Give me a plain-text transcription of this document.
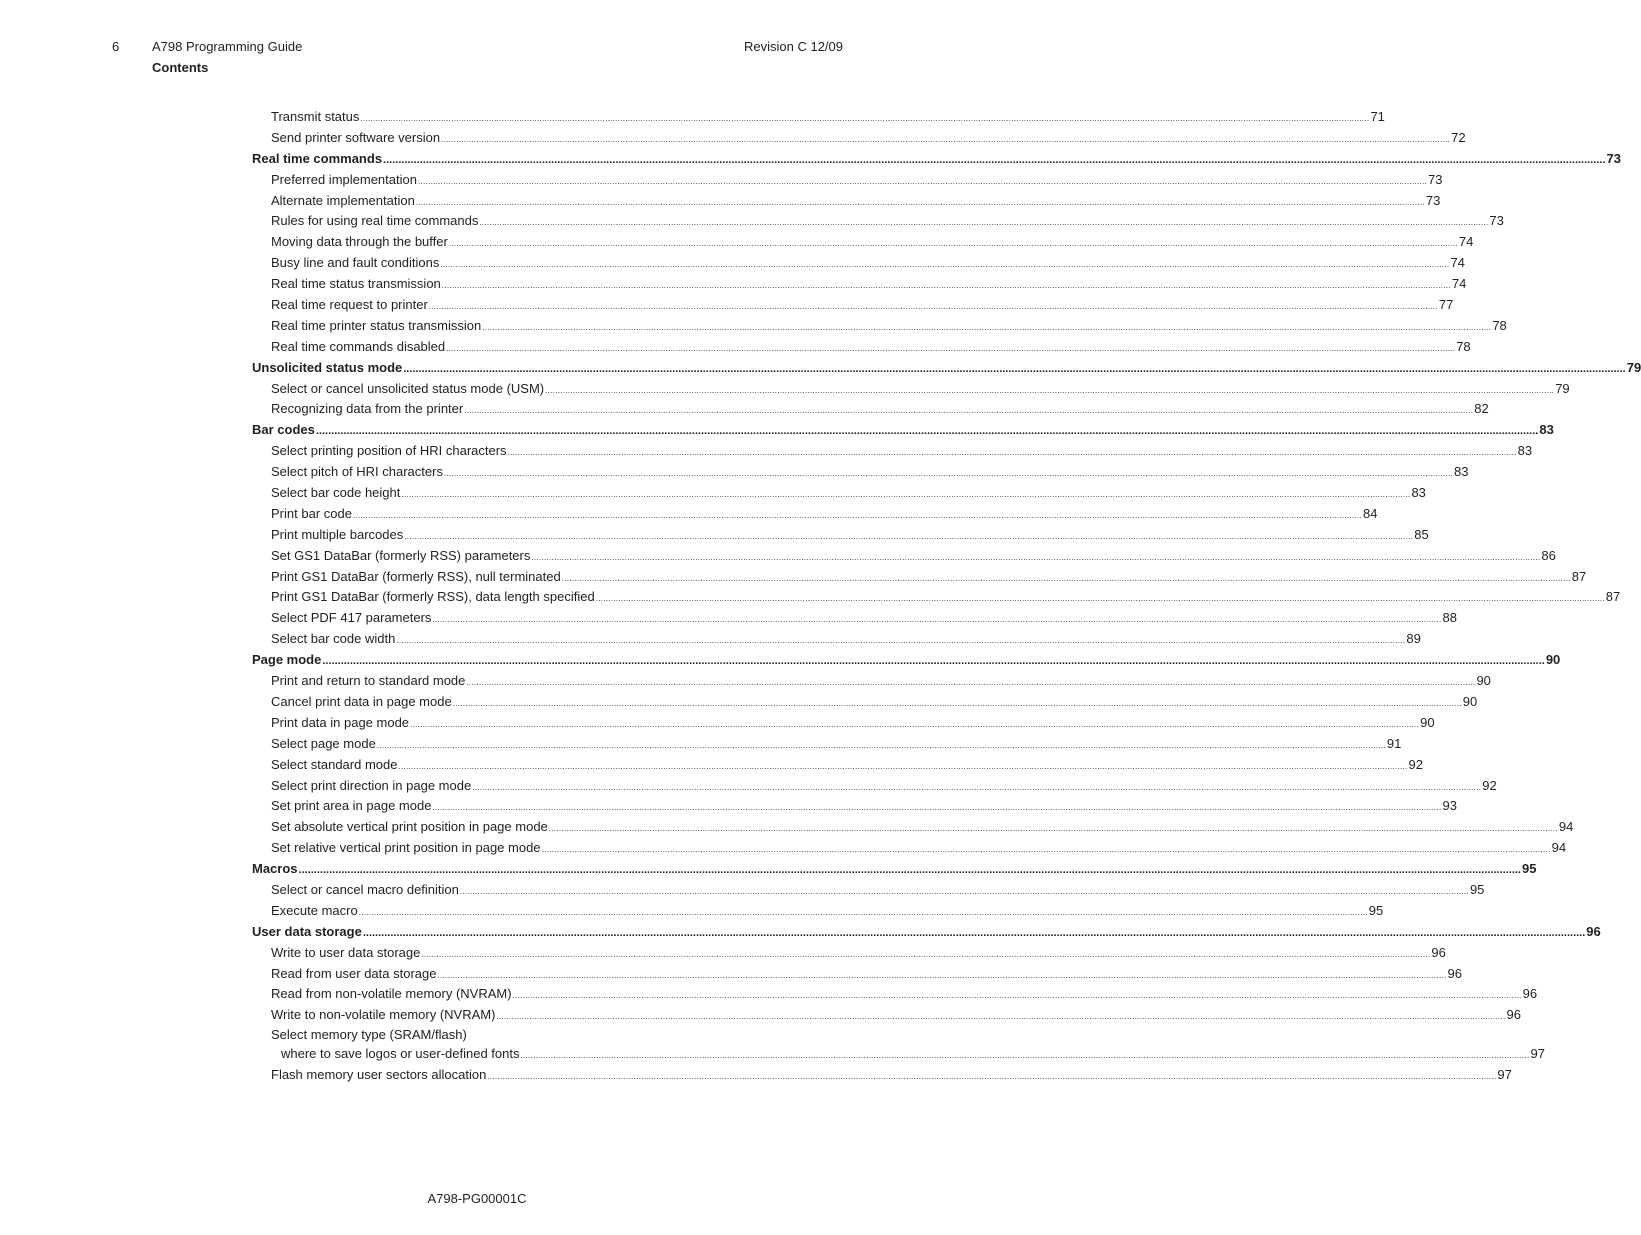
6	A798 Programming Guide
Contents
Revision C 12/09
Transmit status ................................................................................................................................................................................................................................................................................................................................................................................................................ 71
Send printer software version ................................................................................................................................................................................................................................................................................................................................................................................................................ 72
Real time commands ................................................................................................................................................................................................................................................................................................................................................................................................................ 73
Preferred implementation ................................................................................................................................................................................................................................................................................................................................................................................................................ 73
Alternate implementation ................................................................................................................................................................................................................................................................................................................................................................................................................ 73
Rules for using real time commands ................................................................................................................................................................................................................................................................................................................................................................................................................ 73
Moving data through the buffer ................................................................................................................................................................................................................................................................................................................................................................................................................ 74
Busy line and fault conditions ................................................................................................................................................................................................................................................................................................................................................................................................................ 74
Real time status transmission ................................................................................................................................................................................................................................................................................................................................................................................................................ 74
Real time request to printer ................................................................................................................................................................................................................................................................................................................................................................................................................ 77
Real time printer status transmission ................................................................................................................................................................................................................................................................................................................................................................................................................ 78
Real time commands disabled ................................................................................................................................................................................................................................................................................................................................................................................................................ 78
Unsolicited status mode ................................................................................................................................................................................................................................................................................................................................................................................................................ 79
Select or cancel unsolicited status mode (USM) ................................................................................................................................................................................................................................................................................................................................................................................................................ 79
Recognizing data from the printer ................................................................................................................................................................................................................................................................................................................................................................................................................ 82
Bar codes ................................................................................................................................................................................................................................................................................................................................................................................................................ 83
Select printing position of HRI characters ................................................................................................................................................................................................................................................................................................................................................................................................................ 83
Select pitch of HRI characters ................................................................................................................................................................................................................................................................................................................................................................................................................ 83
Select bar code height ................................................................................................................................................................................................................................................................................................................................................................................................................ 83
Print bar code ................................................................................................................................................................................................................................................................................................................................................................................................................ 84
Print multiple barcodes ................................................................................................................................................................................................................................................................................................................................................................................................................ 85
Set GS1 DataBar (formerly RSS) parameters ................................................................................................................................................................................................................................................................................................................................................................................................................ 86
Print GS1 DataBar (formerly RSS), null terminated ................................................................................................................................................................................................................................................................................................................................................................................................................ 87
Print GS1 DataBar (formerly RSS), data length specified ................................................................................................................................................................................................................................................................................................................................................................................................................ 87
Select PDF 417 parameters ................................................................................................................................................................................................................................................................................................................................................................................................................ 88
Select bar code width ................................................................................................................................................................................................................................................................................................................................................................................................................ 89
Page mode ................................................................................................................................................................................................................................................................................................................................................................................................................ 90
Print and return to standard mode ................................................................................................................................................................................................................................................................................................................................................................................................................ 90
Cancel print data in page mode ................................................................................................................................................................................................................................................................................................................................................................................................................ 90
Print data in page mode ................................................................................................................................................................................................................................................................................................................................................................................................................ 90
Select page mode ................................................................................................................................................................................................................................................................................................................................................................................................................ 91
Select standard mode ................................................................................................................................................................................................................................................................................................................................................................................................................ 92
Select print direction in page mode ................................................................................................................................................................................................................................................................................................................................................................................................................ 92
Set print area in page mode ................................................................................................................................................................................................................................................................................................................................................................................................................ 93
Set absolute vertical print position in page mode ................................................................................................................................................................................................................................................................................................................................................................................................................ 94
Set relative vertical print position in page mode ................................................................................................................................................................................................................................................................................................................................................................................................................ 94
Macros ................................................................................................................................................................................................................................................................................................................................................................................................................ 95
Select or cancel macro definition ................................................................................................................................................................................................................................................................................................................................................................................................................ 95
Execute macro ................................................................................................................................................................................................................................................................................................................................................................................................................ 95
User data storage ................................................................................................................................................................................................................................................................................................................................................................................................................ 96
Write to user data storage ................................................................................................................................................................................................................................................................................................................................................................................................................ 96
Read from user data storage ................................................................................................................................................................................................................................................................................................................................................................................................................ 96
Read from non-volatile memory (NVRAM) ................................................................................................................................................................................................................................................................................................................................................................................................................ 96
Write to non-volatile memory (NVRAM) ................................................................................................................................................................................................................................................................................................................................................................................................................ 96
Select memory type (SRAM/flash)
where to save logos or user-defined fonts ................................................................................................................................................................................................................................................................................................................................................................................................................ 97
Flash memory user sectors allocation ................................................................................................................................................................................................................................................................................................................................................................................................................ 97
A798-PG00001C
